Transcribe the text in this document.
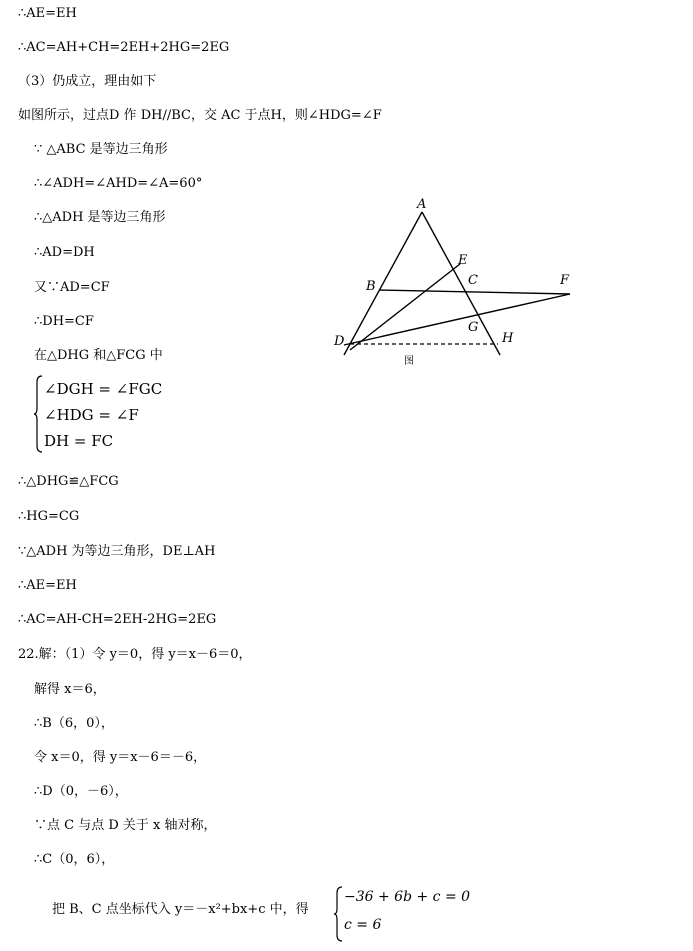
∴AE=EH
∴AC=AH+CH=2EH+2HG=2EG
（3）仍成立，理由如下
如图所示，过点D 作 DH//BC，交 AC 于点H，则∠HDG=∠F
∵ △ABC 是等边三角形
∴∠ADH=∠AHD=∠A=60°
∴△ADH 是等边三角形
∴AD=DH
又∵AD=CF
∴DH=CF
在△DHG 和△FCG 中
∠DGH = ∠FGC
∠HDG = ∠F
DH = FC
∴△DHG≌△FCG
∴HG=CG
∵△ADH 为等边三角形，DE⊥AH
∴AE=EH
∴AC=AH-CH=2EH-2HG=2EG
22.解：（1）令 y＝0，得 y＝x－6＝0，
解得 x＝6，
∴B（6，0），
令 x＝0，得 y＝x－6＝－6，
∴D（0，－6），
∵点 C 与点 D 关于 x 轴对称，
∴C（0，6），
把 B、C 点坐标代入 y＝－x²+bx+c 中，得
−36 + 6b + c = 0
c = 6
A
B	C
D
E
F
G
H
图
